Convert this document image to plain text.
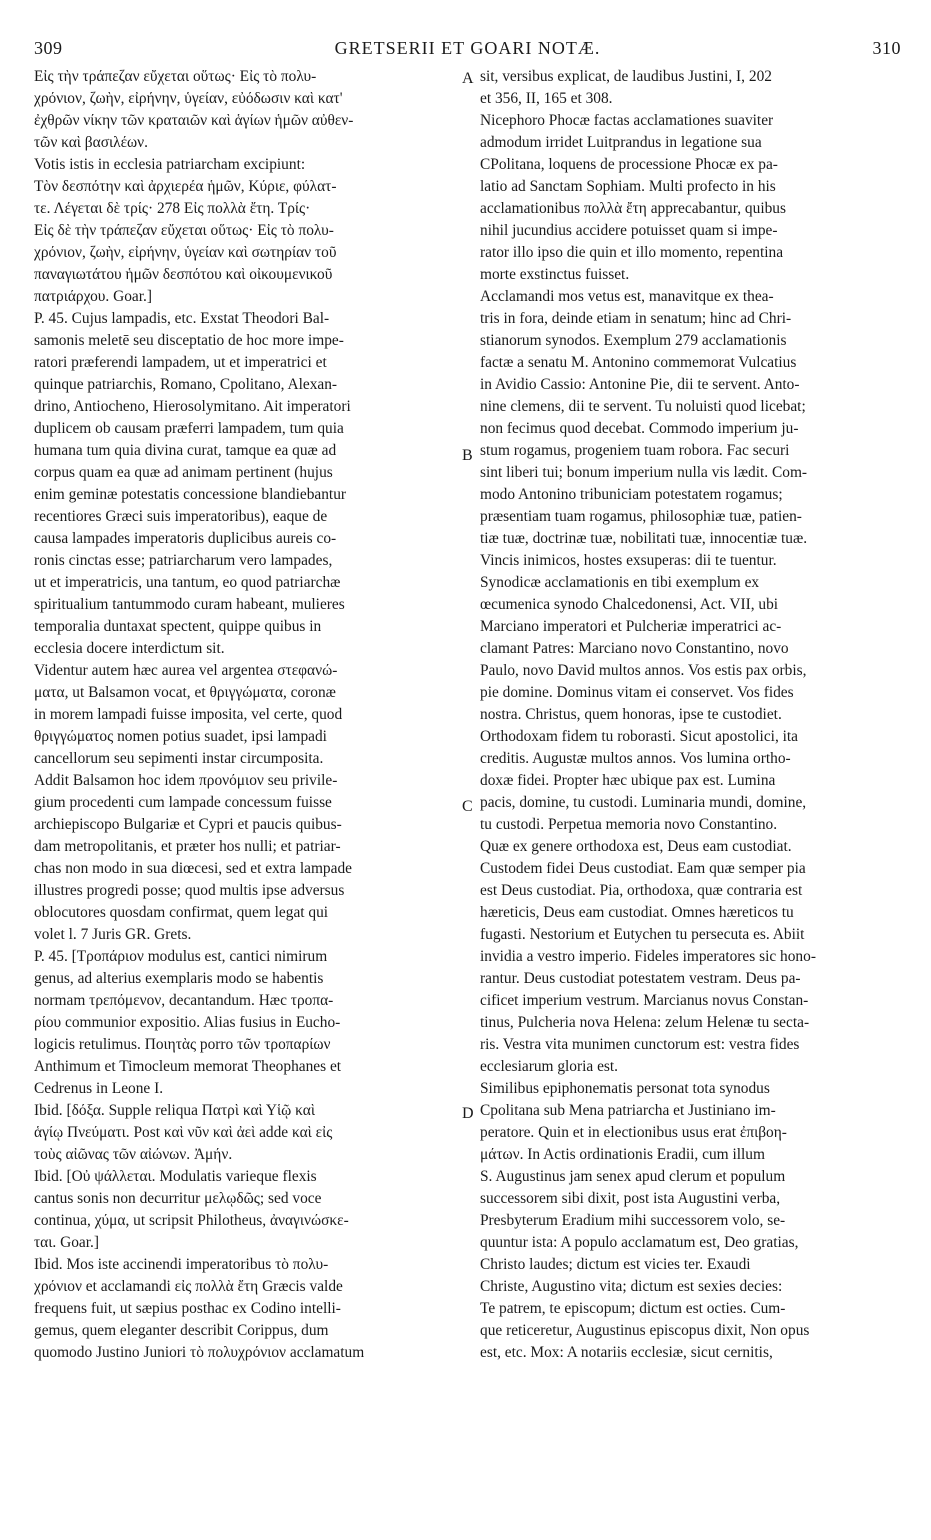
309	GRETSERII ET GOARI NOTÆ.	310
Εἰς τὴν τράπεζαν εὔχεται οὕτως· Εἰς τὸ πολυ-
χρόνιον, ζωὴν, εἰρήνην, ὑγείαν, εὐόδωσιν καὶ κατ'
ἐχθρῶν νίκην τῶν κραταιῶν καὶ ἁγίων ἡμῶν αὐθεν-
τῶν καὶ βασιλέων.
Votis istis in ecclesia patriarcham excipiunt:
Τὸν δεσπότην καὶ ἀρχιερέα ἡμῶν, Κύριε, φύλατ-
τε. Λέγεται δὲ τρίς· 278 Εἰς πολλὰ ἔτη. Τρίς·
Εἰς δὲ τὴν τράπεζαν εὔχεται οὕτως· Εἰς τὸ πολυ-
χρόνιον, ζωὴν, εἰρήνην, ὑγείαν καὶ σωτηρίαν τοῦ
παναγιωτάτου ἡμῶν δεσπότου καὶ οἰκουμενικοῦ
πατριάρχου. Goar.]
P. 45. Cujus lampadis, etc. Exstat Theodori Bal-
samonis meletē seu disceptatio de hoc more impe-
ratori præferendi lampadem, ut et imperatrici et
quinque patriarchis, Romano, Cpolitano, Alexan-
drino, Antiocheno, Hierosolymitano. Ait imperatori
duplicem ob causam præferri lampadem, tum quia
humana tum quia divina curat, tamque ea quæ ad
corpus quam ea quæ ad animam pertinent (hujus
enim geminæ potestatis concessione blandiebantur
recentiores Græci suis imperatoribus), eaque de
causa lampades imperatoris duplicibus aureis co-
ronis cinctas esse; patriarcharum vero lampades,
ut et imperatricis, una tantum, eo quod patriarchæ
spiritualium tantummodo curam habeant, mulieres
temporalia duntaxat spectent, quippe quibus in
ecclesia docere interdictum sit.
Videntur autem hæc aurea vel argentea στεφανώ-
ματα, ut Balsamon vocat, et θριγγώματα, coronæ
in morem lampadi fuisse imposita, vel certe, quod
θριγγώματος nomen potius suadet, ipsi lampadi
cancellorum seu sepimenti instar circumposita.
Addit Balsamon hoc idem προνόμιον seu privile-
gium procedenti cum lampade concessum fuisse
archiepiscopo Bulgariæ et Cypri et paucis quibus-
dam metropolitanis, et præter hos nulli; et patriar-
chas non modo in sua diœcesi, sed et extra lampade
illustres progredi posse; quod multis ipse adversus
oblocutores quosdam confirmat, quem legat qui
volet l. 7 Juris GR. Grets.
P. 45. [Τροπάριον modulus est, cantici nimirum
genus, ad alterius exemplaris modo se habentis
normam τρεπόμενον, decantandum. Hæc τροπα-
ρίου communior expositio. Alias fusius in Eucho-
logicis retulimus. Ποιητὰς porro τῶν τροπαρίων
Anthimum et Timocleum memorat Theophanes et
Cedrenus in Leone I.
Ibid. [δόξα. Supple reliqua Πατρὶ καὶ Υἱῷ καὶ
ἁγίῳ Πνεύματι. Post καὶ νῦν καὶ ἀεὶ adde καὶ εἰς
τοὺς αἰῶνας τῶν αἰώνων. Ἀμήν.
Ibid. [Οὐ ψάλλεται. Modulatis varieque flexis
cantus sonis non decurritur μελῳδῶς; sed voce
continua, χύμα, ut scripsit Philotheus, ἀναγινώσκε-
ται. Goar.]
Ibid. Mos iste accinendi imperatoribus τὸ πολυ-
χρόνιον et acclamandi εἰς πολλὰ ἔτη Græcis valde
frequens fuit, ut sæpius posthac ex Codino intelli-
gemus, quem eleganter describit Corippus, dum
quomodo Justino Juniori τὸ πολυχρόνιον acclamatum
sit, versibus explicat, de laudibus Justini, I, 202
et 356, II, 165 et 308.
Nicephoro Phocæ factas acclamationes suaviter
admodum irridet Luitprandus in legatione sua
CPolitana, loquens de processione Phocæ ex pa-
latio ad Sanctam Sophiam. Multi profecto in his
acclamationibus πολλὰ ἔτη apprecabantur, quibus
nihil jucundius accidere potuisset quam si impe-
rator illo ipso die quin et illo momento, repentina
morte exstinctus fuisset.
Acclamandi mos vetus est, manavitque ex thea-
tris in fora, deinde etiam in senatum; hinc ad Chri-
stianorum synodos. Exemplum 279 acclamationis
factæ a senatu M. Antonino commemorat Vulcatius
in Avidio Cassio: Antonine Pie, dii te servent. Anto-
nine clemens, dii te servent. Tu noluisti quod licebat;
non fecimus quod decebat. Commodo imperium ju-
stum rogamus, progeniem tuam robora. Fac securi
sint liberi tui; bonum imperium nulla vis lædit. Com-
modo Antonino tribuniciam potestatem rogamus;
præsentiam tuam rogamus, philosophiæ tuæ, patien-
tiæ tuæ, doctrinæ tuæ, nobilitati tuæ, innocentiæ tuæ.
Vincis inimicos, hostes exsuperas: dii te tuentur.
Synodicæ acclamationis en tibi exemplum ex
œcumenica synodo Chalcedonensi, Act. VII, ubi
Marciano imperatori et Pulcheriæ imperatrici ac-
clamant Patres: Marciano novo Constantino, novo
Paulo, novo David multos annos. Vos estis pax orbis,
pie domine. Dominus vitam ei conservet. Vos fides
nostra. Christus, quem honoras, ipse te custodiet.
Orthodoxam fidem tu roborasti. Sicut apostolici, ita
creditis. Augustæ multos annos. Vos lumina ortho-
doxæ fidei. Propter hæc ubique pax est. Lumina
pacis, domine, tu custodi. Luminaria mundi, domine,
tu custodi. Perpetua memoria novo Constantino.
Quæ ex genere orthodoxa est, Deus eam custodiat.
Custodem fidei Deus custodiat. Eam quæ semper pia
est Deus custodiat. Pia, orthodoxa, quæ contraria est
hæreticis, Deus eam custodiat. Omnes hæreticos tu
fugasti. Nestorium et Eutychen tu persecuta es. Abiit
invidia a vestro imperio. Fideles imperatores sic hono-
rantur. Deus custodiat potestatem vestram. Deus pa-
cificet imperium vestrum. Marcianus novus Constan-
tinus, Pulcheria nova Helena: zelum Helenæ tu secta-
ris. Vestra vita munimen cunctorum est: vestra fides
ecclesiarum gloria est.
Similibus epiphonematis personat tota synodus
Cpolitana sub Mena patriarcha et Justiniano im-
peratore. Quin et in electionibus usus erat ἐπιβοη-
μάτων. In Actis ordinationis Eradii, cum illum
S. Augustinus jam senex apud clerum et populum
successorem sibi dixit, post ista Augustini verba,
Presbyterum Eradium mihi successorem volo, se-
quuntur ista: A populo acclamatum est, Deo gratias,
Christo laudes; dictum est vicies ter. Exaudi
Christe, Augustino vita; dictum est sexies decies:
Te patrem, te episcopum; dictum est octies. Cum-
que reticeretur, Augustinus episcopus dixit, Non opus
est, etc. Mox: A notariis ecclesiæ, sicut cernitis,
A
B
C
D
